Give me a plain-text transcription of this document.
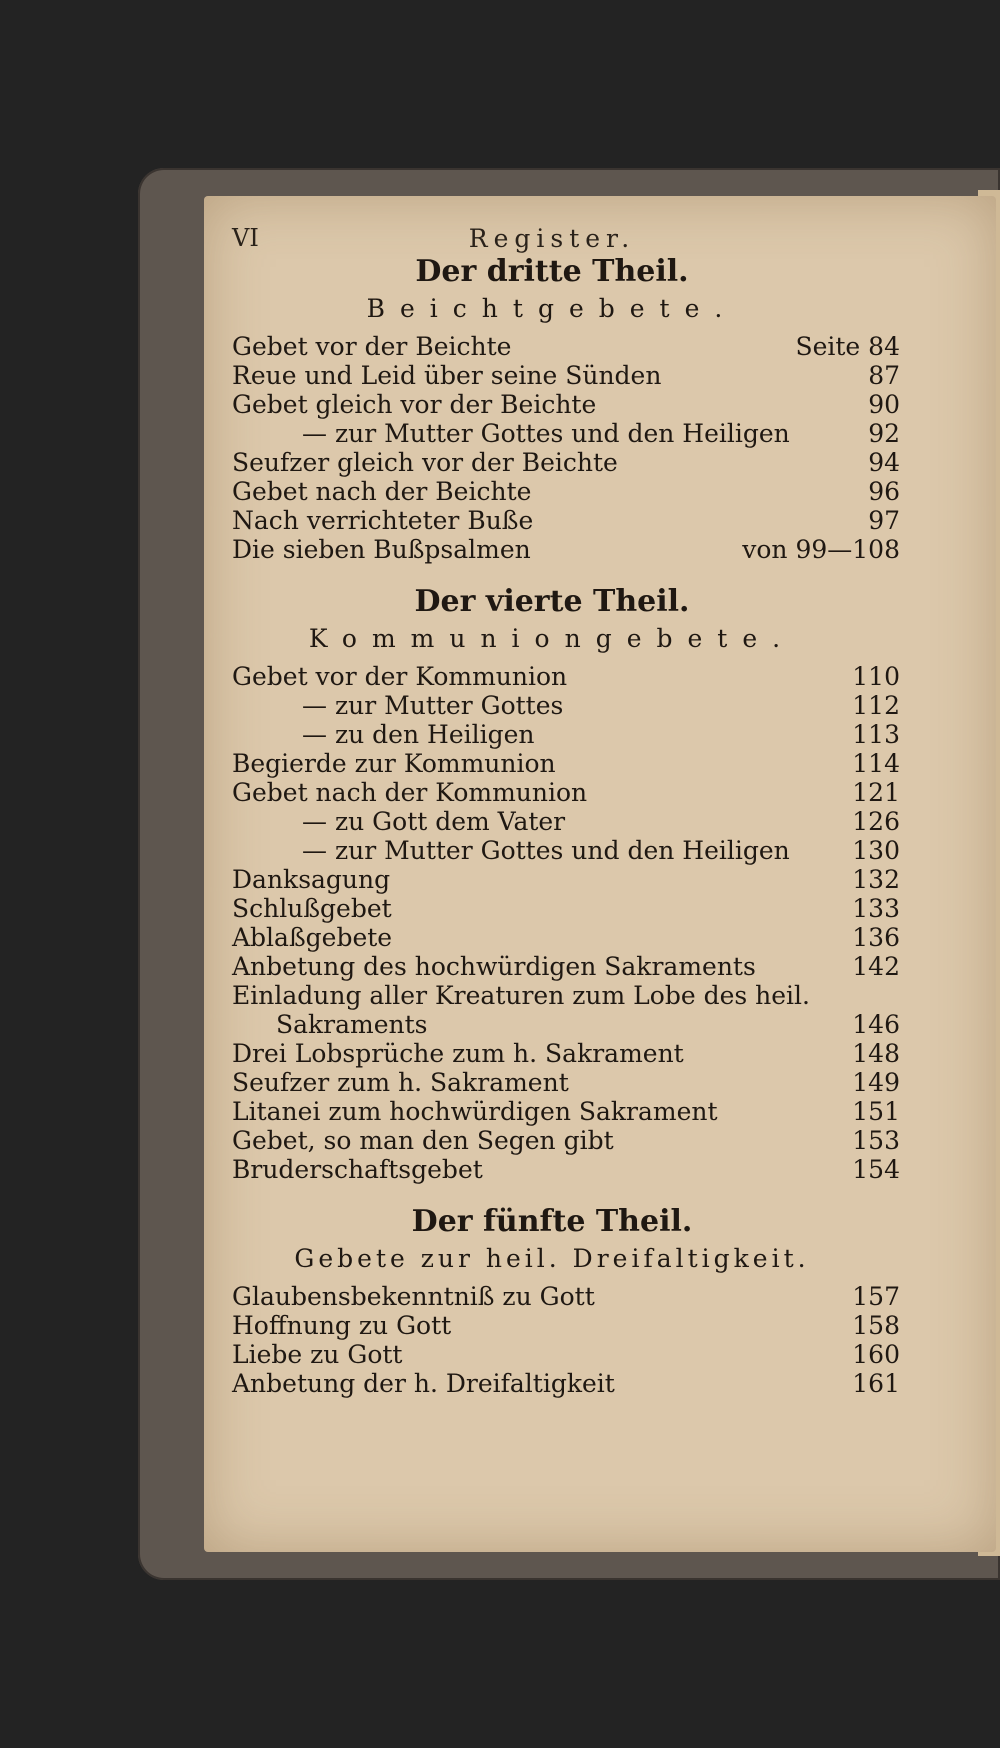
VI	Register.
Der dritte Theil.
Beichtgebete.
Gebet vor der Beichte	Seite 84
Reue und Leid über seine Sünden	87
Gebet gleich vor der Beichte	90
— zur Mutter Gottes und den Heiligen	92
Seufzer gleich vor der Beichte	94
Gebet nach der Beichte	96
Nach verrichteter Buße	97
Die sieben Bußpsalmen	von 99—108
Der vierte Theil.
Kommuniongebete.
Gebet vor der Kommunion	110
— zur Mutter Gottes	112
— zu den Heiligen	113
Begierde zur Kommunion	114
Gebet nach der Kommunion	121
— zu Gott dem Vater	126
— zur Mutter Gottes und den Heiligen	130
Danksagung	132
Schlußgebet	133
Ablaßgebete	136
Anbetung des hochwürdigen Sakraments	142
Einladung aller Kreaturen zum Lobe des heil.
Sakraments	146
Drei Lobsprüche zum h. Sakrament	148
Seufzer zum h. Sakrament	149
Litanei zum hochwürdigen Sakrament	151
Gebet, so man den Segen gibt	153
Bruderschaftsgebet	154
Der fünfte Theil.
Gebete zur heil. Dreifaltigkeit.
Glaubensbekenntniß zu Gott	157
Hoffnung zu Gott	158
Liebe zu Gott	160
Anbetung der h. Dreifaltigkeit	161
